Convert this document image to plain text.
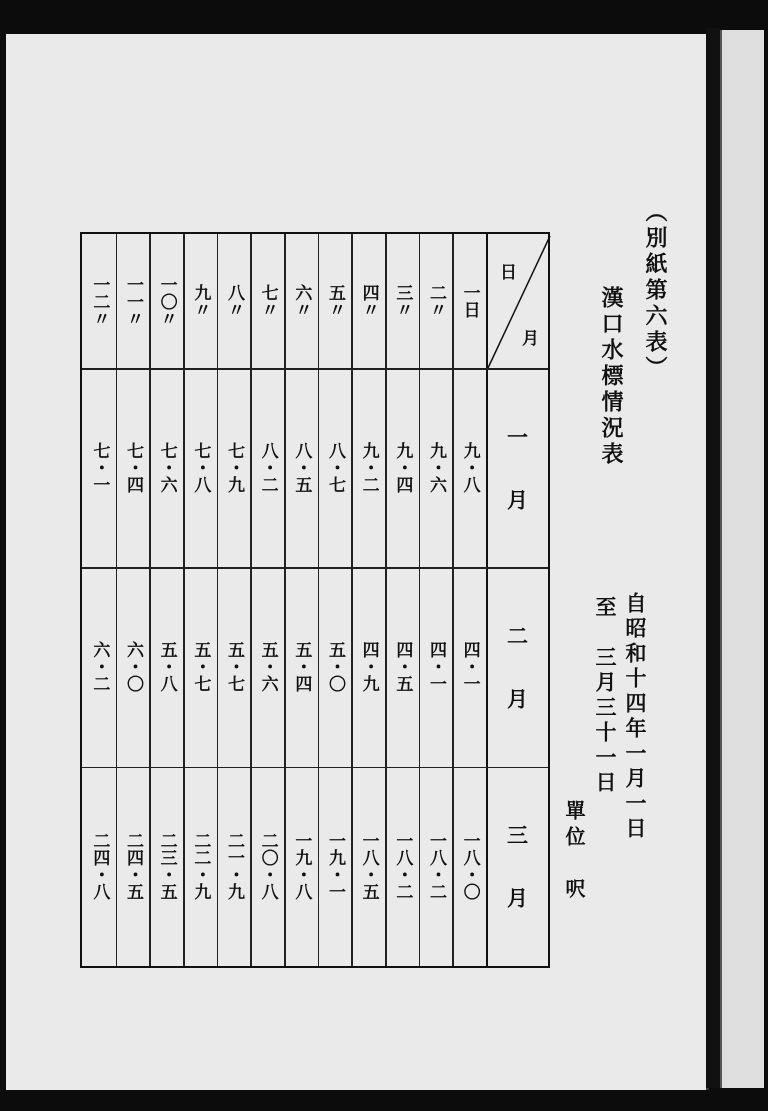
（別紙第六表）
漢口水標情況表
自昭和十四年一月一日
至　三月三十一日
單位　呎
日
月
一　　月
二　　月
三　　月
一日
九・八
四・一
一八・〇
二〃
九・六
四・一
一八・二
三〃
九・四
四・五
一八・二
四〃
九・二
四・九
一八・五
五〃
八・七
五・〇
一九・一
六〃
八・五
五・四
一九・八
七〃
八・二
五・六
二〇・八
八〃
七・九
五・七
二一・九
九〃
七・八
五・七
二二・九
一〇〃
七・六
五・八
二三・五
一一〃
七・四
六・〇
二四・五
一二〃
七・一
六・二
二四・八
